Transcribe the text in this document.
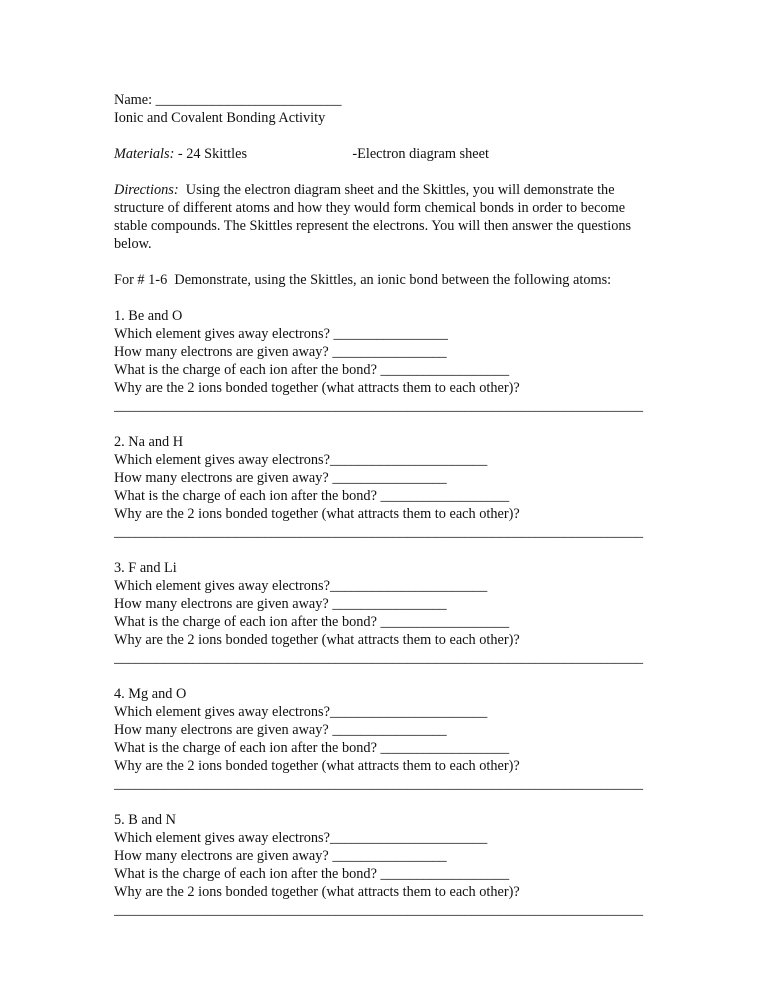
Name: __________________________
Ionic and Covalent Bonding Activity
Materials: - 24 Skittles	-Electron diagram sheet
Directions: Using the electron diagram sheet and the Skittles, you will demonstrate the structure of different atoms and how they would form chemical bonds in order to become stable compounds. The Skittles represent the electrons. You will then answer the questions below.
For # 1-6  Demonstrate, using the Skittles, an ionic bond between the following atoms:
1. Be and O
Which element gives away electrons? ________________
How many electrons are given away? ________________
What is the charge of each ion after the bond? __________________
Why are the 2 ions bonded together (what attracts them to each other)?
__________________________________________________________________________
2. Na and H
Which element gives away electrons?______________________
How many electrons are given away? ________________
What is the charge of each ion after the bond? __________________
Why are the 2 ions bonded together (what attracts them to each other)?
__________________________________________________________________________
3. F and Li
Which element gives away electrons?______________________
How many electrons are given away? ________________
What is the charge of each ion after the bond? __________________
Why are the 2 ions bonded together (what attracts them to each other)?
__________________________________________________________________________
4. Mg and O
Which element gives away electrons?______________________
How many electrons are given away? ________________
What is the charge of each ion after the bond? __________________
Why are the 2 ions bonded together (what attracts them to each other)?
__________________________________________________________________________
5. B and N
Which element gives away electrons?______________________
How many electrons are given away? ________________
What is the charge of each ion after the bond? __________________
Why are the 2 ions bonded together (what attracts them to each other)?
__________________________________________________________________________
